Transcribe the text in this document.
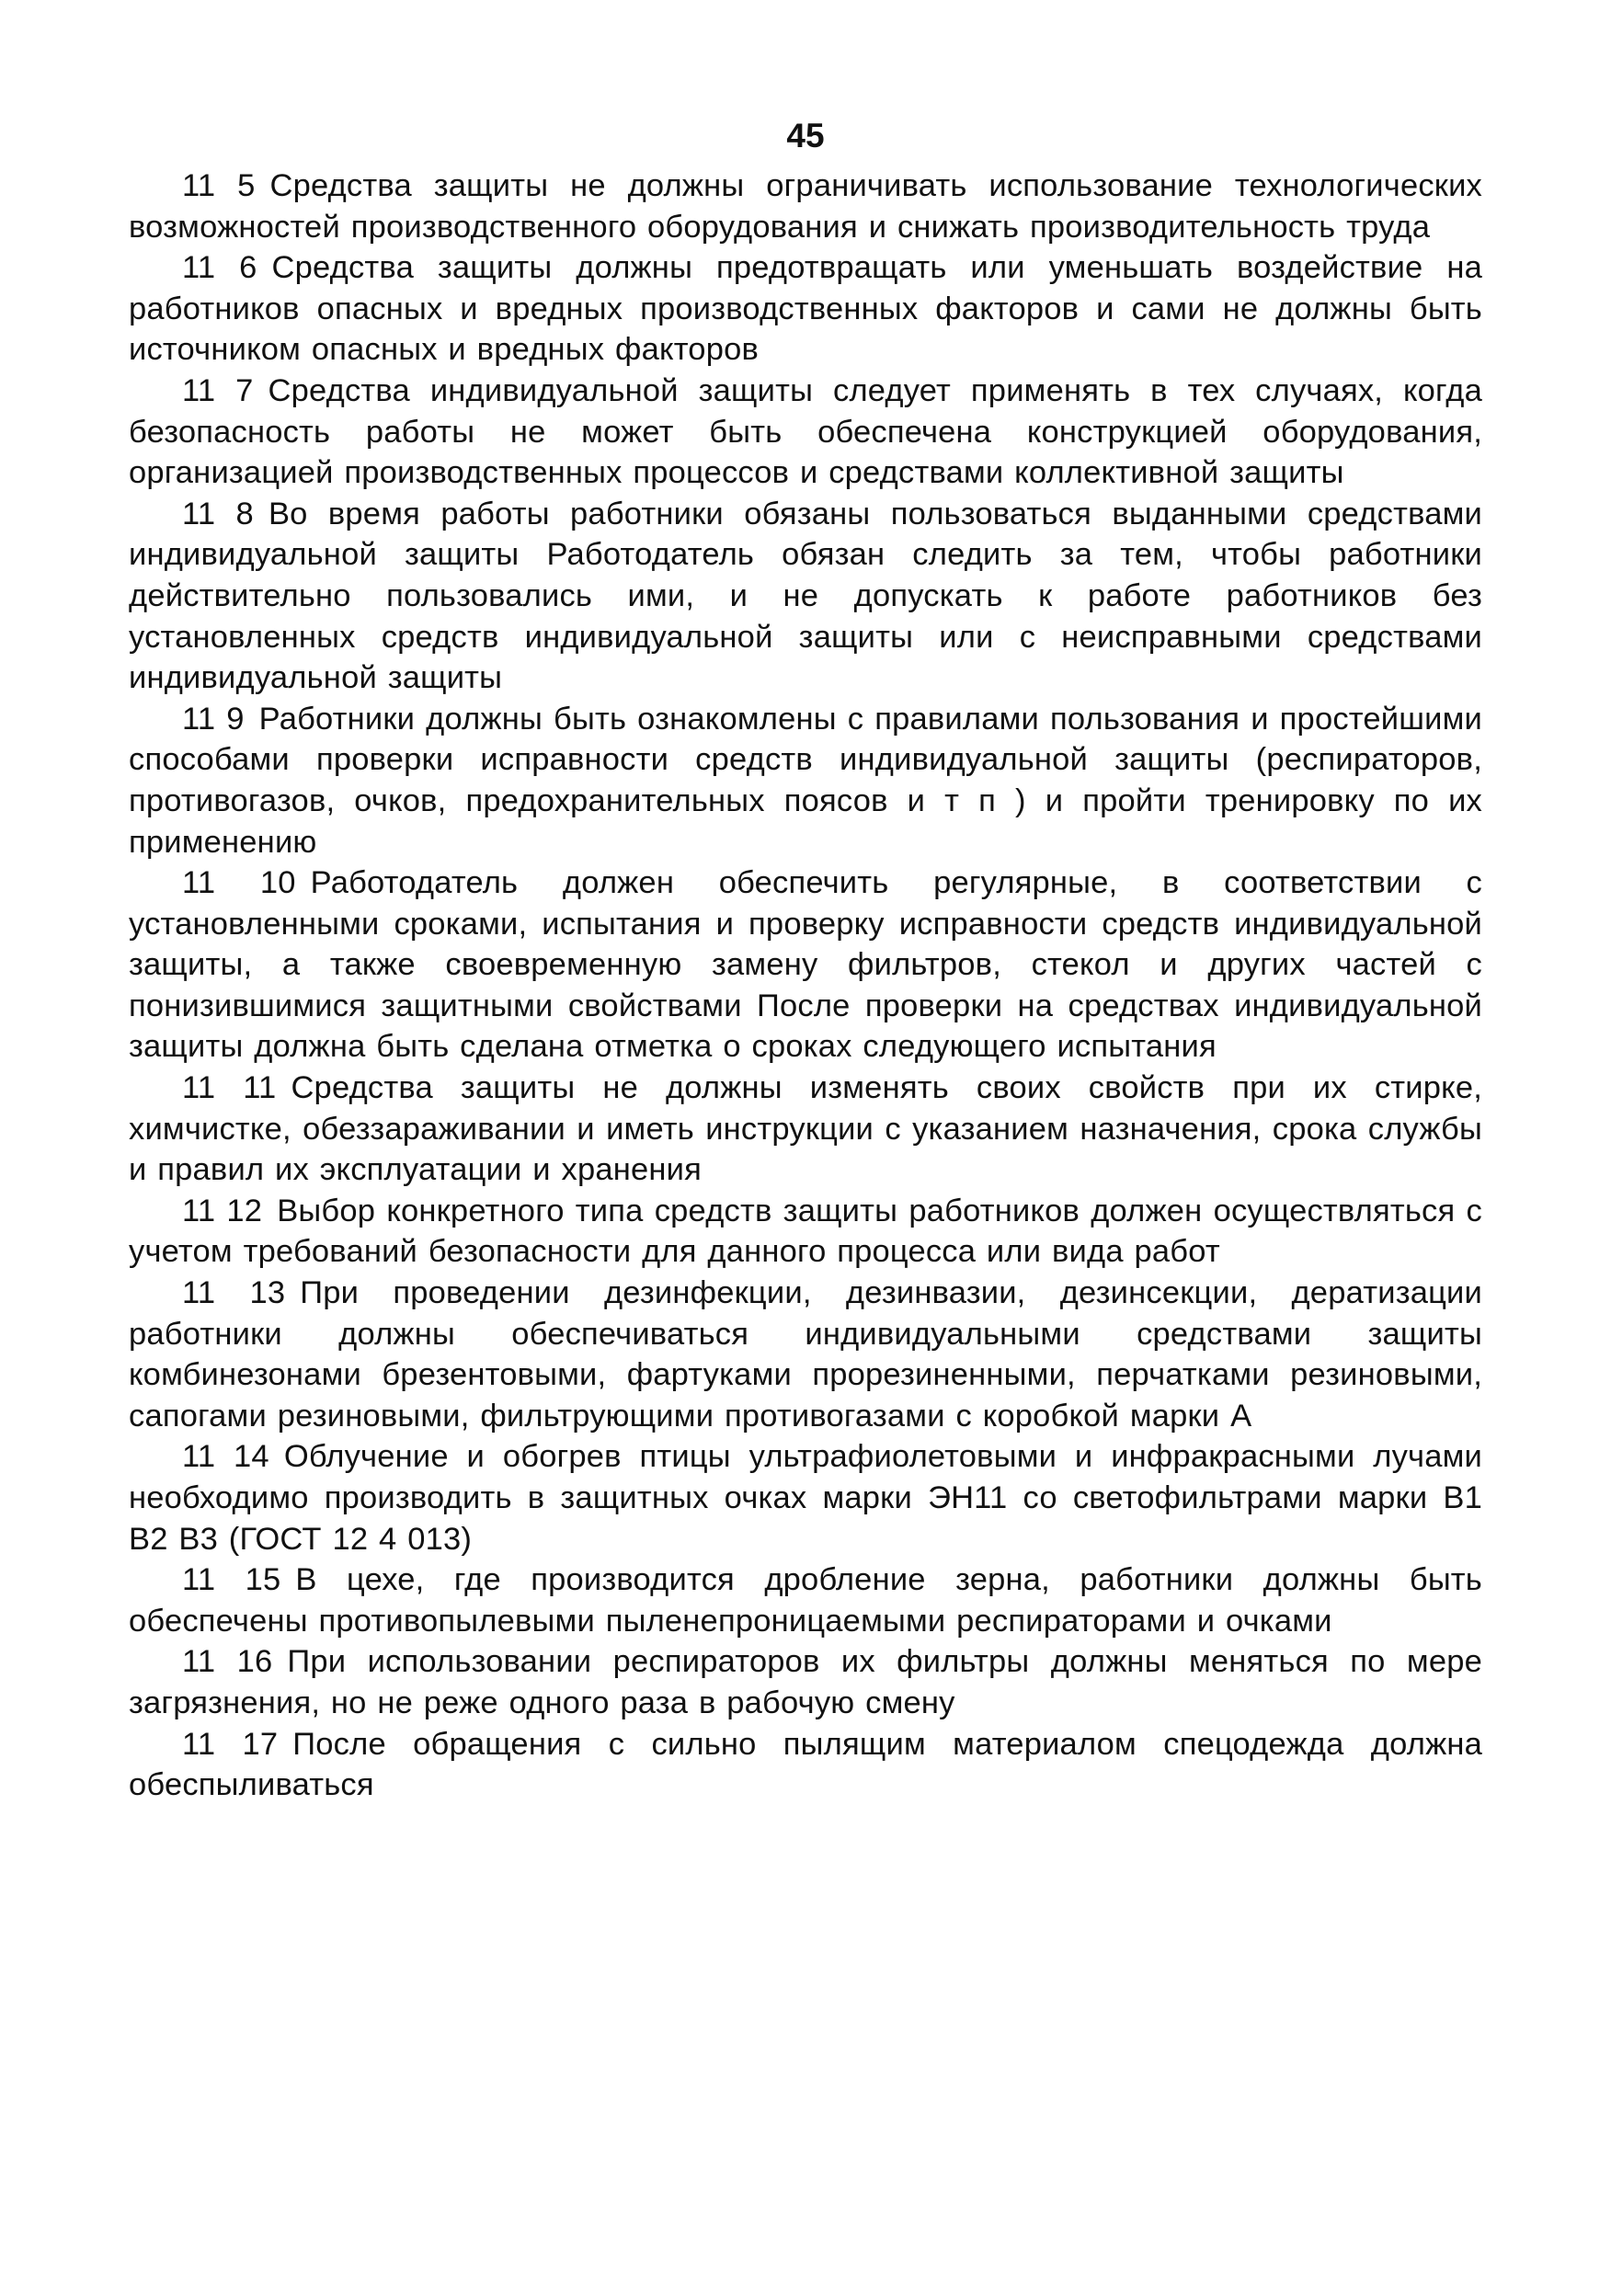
45

11 5 Средства защиты не должны ограничивать использование технологических возможностей производственного оборудования и снижать производительность труда

11 6 Средства защиты должны предотвращать или уменьшать воздействие на работников опасных и вредных производственных факторов и сами не должны быть источником опасных и вредных факторов

11 7 Средства индивидуальной защиты следует применять в тех случаях, когда безопасность работы не может быть обеспечена конструкцией оборудования, организацией производственных процессов и средствами коллективной защиты

11 8 Во время работы работники обязаны пользоваться выданными средствами индивидуальной защиты Работодатель обязан следить за тем, чтобы работники действительно пользовались ими, и не допускать к работе работников без установленных средств индивидуальной защиты или с неисправными средствами индивидуальной защиты

11 9 Работники должны быть ознакомлены с правилами пользования и простейшими способами проверки исправности средств индивидуальной защиты (респираторов, противогазов, очков, предохранительных поясов и т п ) и пройти тренировку по их применению

11 10 Работодатель должен обеспечить регулярные, в соответствии с установленными сроками, испытания и проверку исправности средств индивидуальной защиты, а также своевременную замену фильтров, стекол и других частей с понизившимися защитными свойствами После проверки на средствах индивидуальной защиты должна быть сделана отметка о сроках следующего испытания

11 11 Средства защиты не должны изменять своих свойств при их стирке, химчистке, обеззараживании и иметь инструкции с указанием назначения, срока службы и правил их эксплуатации и хранения

11 12 Выбор конкретного типа средств защиты работников должен осуществляться с учетом требований безопасности для данного процесса или вида работ

11 13 При проведении дезинфекции, дезинвазии, дезинсекции, дератизации работники должны обеспечиваться индивидуальными средствами защиты комбинезонами брезентовыми, фартуками прорезиненными, перчатками резиновыми, сапогами резиновыми, фильтрующими противогазами с коробкой марки А

11 14 Облучение и обогрев птицы ультрафиолетовыми и инфракрасными лучами необходимо производить в защитных очках марки ЭН11 со светофильтрами марки В1 В2 В3 (ГОСТ 12 4 013)

11 15 В цехе, где производится дробление зерна, работники должны быть обеспечены противопылевыми пыленепроницаемыми респираторами и очками

11 16 При использовании респираторов их фильтры должны меняться по мере загрязнения, но не реже одного раза в рабочую смену

11 17 После обращения с сильно пылящим материалом спецодежда должна обеспыливаться
